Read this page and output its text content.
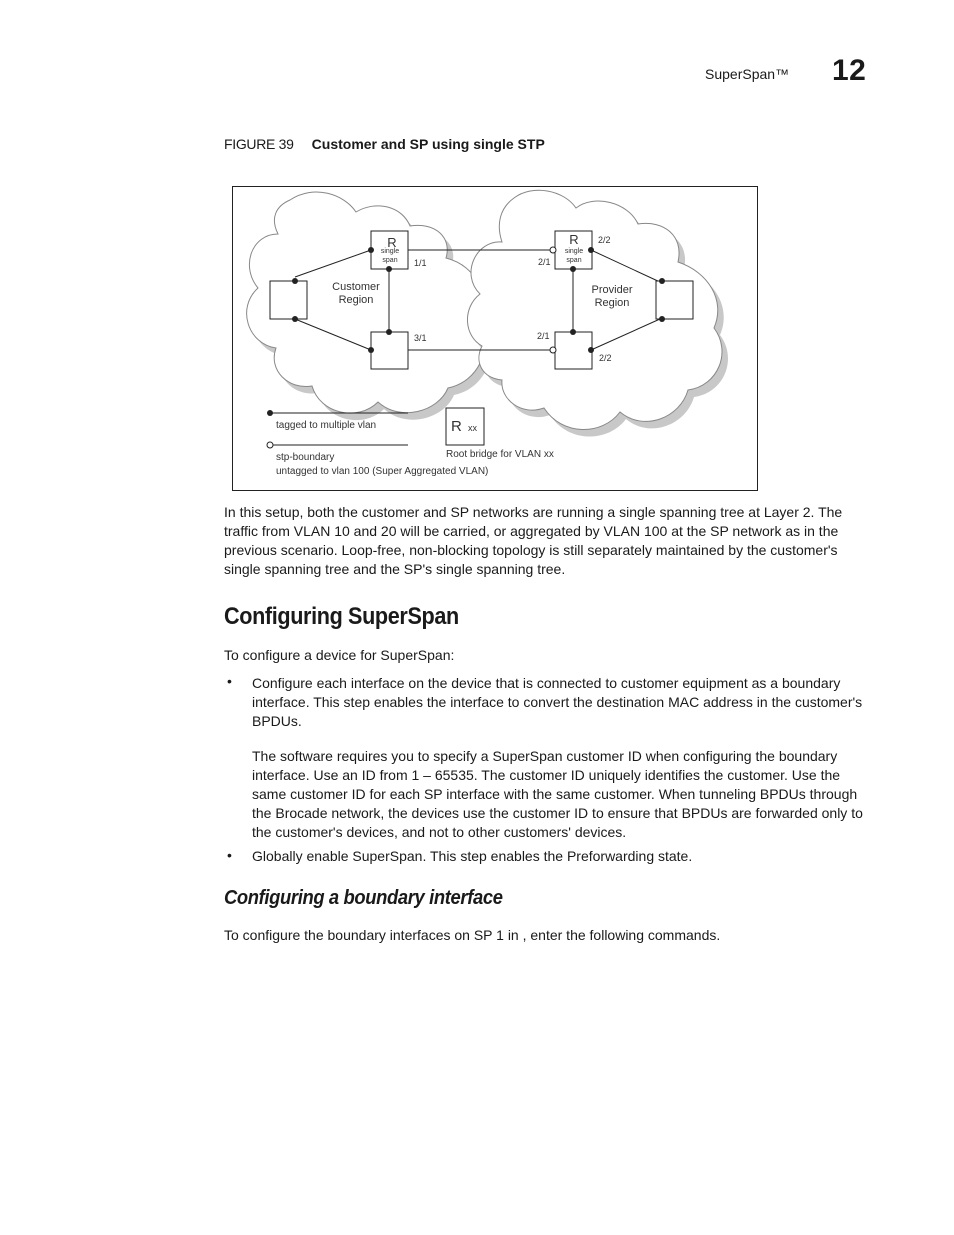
SuperSpan™ 12
FIGURE 39 Customer and SP using single STP
R
single
span
R
single
span
Customer
Region
Provider
Region
1/1
3/1
2/1
2/2
2/1
2/2
tagged to multiple vlan
stp-boundary
untagged to vlan 100 (Super Aggregated VLAN)
R xx
Root bridge for VLAN xx

In this setup, both the customer and SP networks are running a single spanning tree at Layer 2. The traffic from VLAN 10 and 20 will be carried, or aggregated by VLAN 100 at the SP network as in the previous scenario. Loop-free, non-blocking topology is still separately maintained by the customer's single spanning tree and the SP's single spanning tree.

Configuring SuperSpan

To configure a device for SuperSpan:

• Configure each interface on the device that is connected to customer equipment as a boundary interface. This step enables the interface to convert the destination MAC address in the customer's BPDUs.

The software requires you to specify a SuperSpan customer ID when configuring the boundary interface. Use an ID from 1 – 65535. The customer ID uniquely identifies the customer. Use the same customer ID for each SP interface with the same customer. When tunneling BPDUs through the Brocade network, the devices use the customer ID to ensure that BPDUs are forwarded only to the customer's devices, and not to other customers' devices.

• Globally enable SuperSpan. This step enables the Preforwarding state.

Configuring a boundary interface

To configure the boundary interfaces on SP 1 in , enter the following commands.
